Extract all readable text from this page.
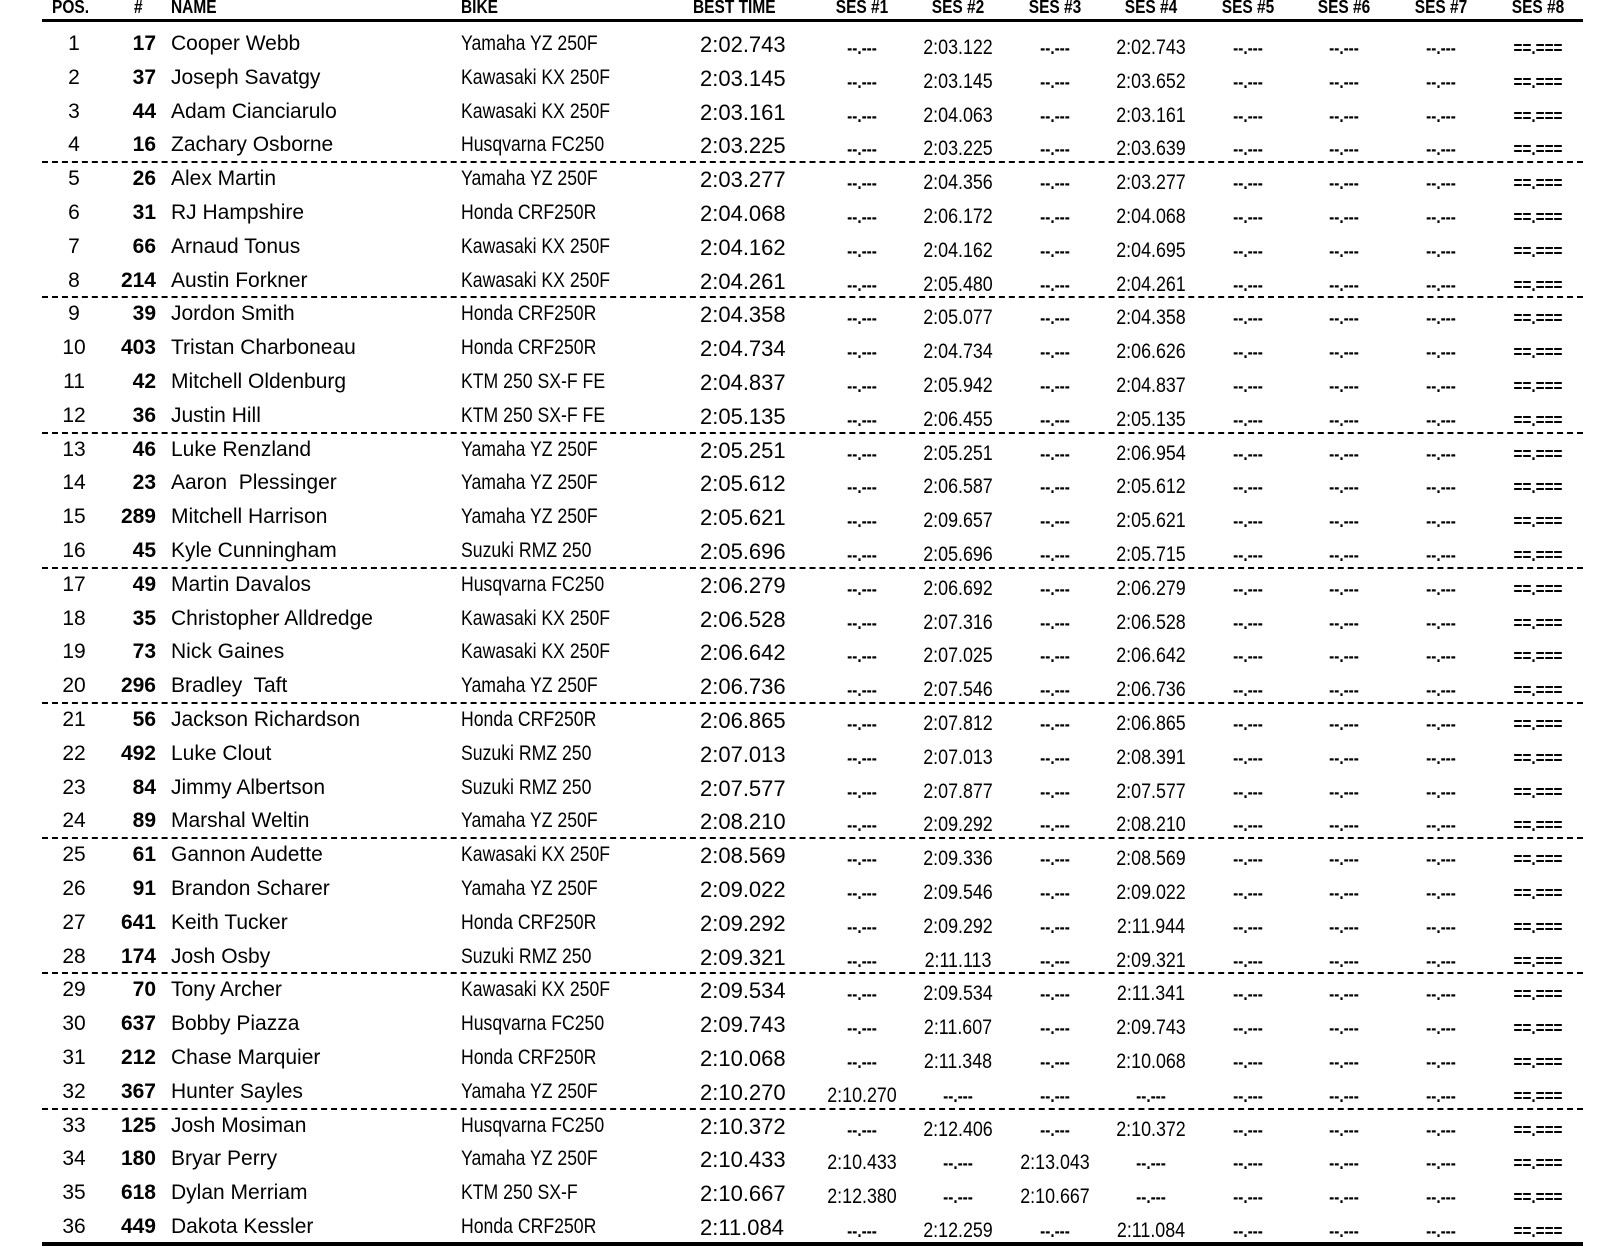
POS.	# NAME	BIKE	BEST TIME	SES #1	SES #2	SES #3	SES #4	SES #5	SES #6	SES #7	SES #8
1	17 Cooper Webb	Yamaha YZ 250F	2:02.743	--.---	2:03.122	--.---	2:02.743	--.---	--.---	--.---	==.===
2	37 Joseph Savatgy	Kawasaki KX 250F	2:03.145	--.---	2:03.145	--.---	2:03.652	--.---	--.---	--.---	==.===
3	44 Adam Cianciarulo	Kawasaki KX 250F	2:03.161	--.---	2:04.063	--.---	2:03.161	--.---	--.---	--.---	==.===
4	16 Zachary Osborne	Husqvarna FC250	2:03.225	--.---	2:03.225	--.---	2:03.639	--.---	--.---	--.---	==.===
5	26 Alex Martin	Yamaha YZ 250F	2:03.277	--.---	2:04.356	--.---	2:03.277	--.---	--.---	--.---	==.===
6	31 RJ Hampshire	Honda CRF250R	2:04.068	--.---	2:06.172	--.---	2:04.068	--.---	--.---	--.---	==.===
7	66 Arnaud Tonus	Kawasaki KX 250F	2:04.162	--.---	2:04.162	--.---	2:04.695	--.---	--.---	--.---	==.===
8	214 Austin Forkner	Kawasaki KX 250F	2:04.261	--.---	2:05.480	--.---	2:04.261	--.---	--.---	--.---	==.===
9	39 Jordon Smith	Honda CRF250R	2:04.358	--.---	2:05.077	--.---	2:04.358	--.---	--.---	--.---	==.===
10	403 Tristan Charboneau	Honda CRF250R	2:04.734	--.---	2:04.734	--.---	2:06.626	--.---	--.---	--.---	==.===
11	42 Mitchell Oldenburg	KTM 250 SX-F FE	2:04.837	--.---	2:05.942	--.---	2:04.837	--.---	--.---	--.---	==.===
12	36 Justin Hill	KTM 250 SX-F FE	2:05.135	--.---	2:06.455	--.---	2:05.135	--.---	--.---	--.---	==.===
13	46 Luke Renzland	Yamaha YZ 250F	2:05.251	--.---	2:05.251	--.---	2:06.954	--.---	--.---	--.---	==.===
14	23 Aaron  Plessinger	Yamaha YZ 250F	2:05.612	--.---	2:06.587	--.---	2:05.612	--.---	--.---	--.---	==.===
15	289 Mitchell Harrison	Yamaha YZ 250F	2:05.621	--.---	2:09.657	--.---	2:05.621	--.---	--.---	--.---	==.===
16	45 Kyle Cunningham	Suzuki RMZ 250	2:05.696	--.---	2:05.696	--.---	2:05.715	--.---	--.---	--.---	==.===
17	49 Martin Davalos	Husqvarna FC250	2:06.279	--.---	2:06.692	--.---	2:06.279	--.---	--.---	--.---	==.===
18	35 Christopher Alldredge	Kawasaki KX 250F	2:06.528	--.---	2:07.316	--.---	2:06.528	--.---	--.---	--.---	==.===
19	73 Nick Gaines	Kawasaki KX 250F	2:06.642	--.---	2:07.025	--.---	2:06.642	--.---	--.---	--.---	==.===
20	296 Bradley  Taft	Yamaha YZ 250F	2:06.736	--.---	2:07.546	--.---	2:06.736	--.---	--.---	--.---	==.===
21	56 Jackson Richardson	Honda CRF250R	2:06.865	--.---	2:07.812	--.---	2:06.865	--.---	--.---	--.---	==.===
22	492 Luke Clout	Suzuki RMZ 250	2:07.013	--.---	2:07.013	--.---	2:08.391	--.---	--.---	--.---	==.===
23	84 Jimmy Albertson	Suzuki RMZ 250	2:07.577	--.---	2:07.877	--.---	2:07.577	--.---	--.---	--.---	==.===
24	89 Marshal Weltin	Yamaha YZ 250F	2:08.210	--.---	2:09.292	--.---	2:08.210	--.---	--.---	--.---	==.===
25	61 Gannon Audette	Kawasaki KX 250F	2:08.569	--.---	2:09.336	--.---	2:08.569	--.---	--.---	--.---	==.===
26	91 Brandon Scharer	Yamaha YZ 250F	2:09.022	--.---	2:09.546	--.---	2:09.022	--.---	--.---	--.---	==.===
27	641 Keith Tucker	Honda CRF250R	2:09.292	--.---	2:09.292	--.---	2:11.944	--.---	--.---	--.---	==.===
28	174 Josh Osby	Suzuki RMZ 250	2:09.321	--.---	2:11.113	--.---	2:09.321	--.---	--.---	--.---	==.===
29	70 Tony Archer	Kawasaki KX 250F	2:09.534	--.---	2:09.534	--.---	2:11.341	--.---	--.---	--.---	==.===
30	637 Bobby Piazza	Husqvarna FC250	2:09.743	--.---	2:11.607	--.---	2:09.743	--.---	--.---	--.---	==.===
31	212 Chase Marquier	Honda CRF250R	2:10.068	--.---	2:11.348	--.---	2:10.068	--.---	--.---	--.---	==.===
32	367 Hunter Sayles	Yamaha YZ 250F	2:10.270	2:10.270	--.---	--.---	--.---	--.---	--.---	--.---	==.===
33	125 Josh Mosiman	Husqvarna FC250	2:10.372	--.---	2:12.406	--.---	2:10.372	--.---	--.---	--.---	==.===
34	180 Bryar Perry	Yamaha YZ 250F	2:10.433	2:10.433	--.---	2:13.043	--.---	--.---	--.---	--.---	==.===
35	618 Dylan Merriam	KTM 250 SX-F	2:10.667	2:12.380	--.---	2:10.667	--.---	--.---	--.---	--.---	==.===
36	449 Dakota Kessler	Honda CRF250R	2:11.084	--.---	2:12.259	--.---	2:11.084	--.---	--.---	--.---	==.===
